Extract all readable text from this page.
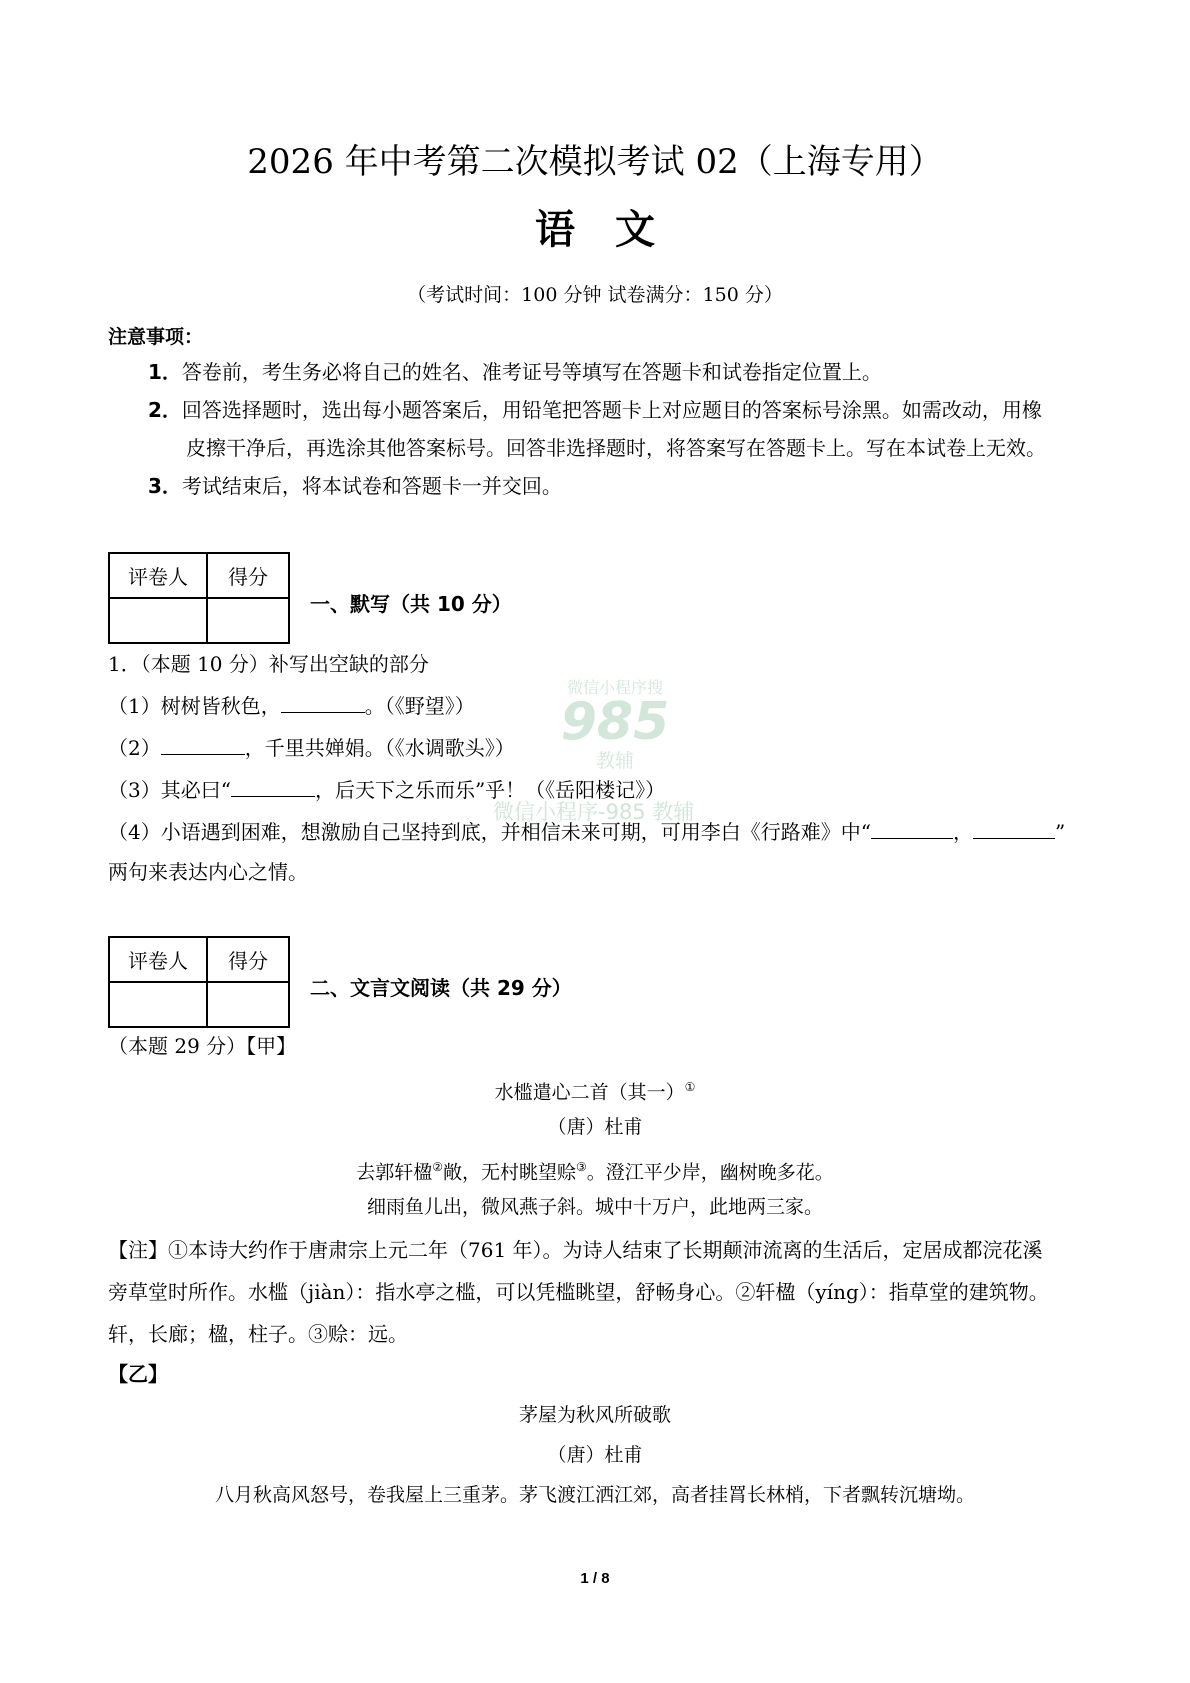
2026 年中考第二次模拟考试 02（上海专用）
语文
（考试时间：100 分钟 试卷满分：150 分）
注意事项：
1．答卷前，考生务必将自己的姓名、准考证号等填写在答题卡和试卷指定位置上。
2．回答选择题时，选出每小题答案后，用铅笔把答题卡上对应题目的答案标号涂黑。如需改动，用橡
皮擦干净后，再选涂其他答案标号。回答非选择题时，将答案写在答题卡上。写在本试卷上无效。
3．考试结束后，将本试卷和答题卡一并交回。
评卷人	得分

一、默写（共 10 分）
1．（本题 10 分）补写出空缺的部分
（1）树树皆秋色，	。（《野望》）
（2）	，千里共婵娟。（《水调歌头》）
（3）其必曰“	，后天下之乐而乐”乎！（《岳阳楼记》）
（4）小语遇到困难，想激励自己坚持到底，并相信未来可期，可用李白《行路难》中“	，	”
两句来表达内心之情。
微信小程序搜
985
教辅
微信小程序-985 教辅
评卷人	得分

二、文言文阅读（共 29 分）
（本题 29 分）【甲】
水槛遣心二首（其一）①
（唐）杜甫
去郭轩楹②敞，无村眺望赊③。澄江平少岸，幽树晚多花。
细雨鱼儿出，微风燕子斜。城中十万户，此地两三家。
【注】①本诗大约作于唐肃宗上元二年（761 年）。为诗人结束了长期颠沛流离的生活后，定居成都浣花溪
旁草堂时所作。水槛（jiàn）：指水亭之槛，可以凭槛眺望，舒畅身心。②轩楹（yíng）：指草堂的建筑物。
轩，长廊；楹，柱子。③赊：远。
【乙】
茅屋为秋风所破歌
（唐）杜甫
八月秋高风怒号，卷我屋上三重茅。茅飞渡江洒江郊，高者挂罥长林梢，下者飘转沉塘坳。
1 / 8
